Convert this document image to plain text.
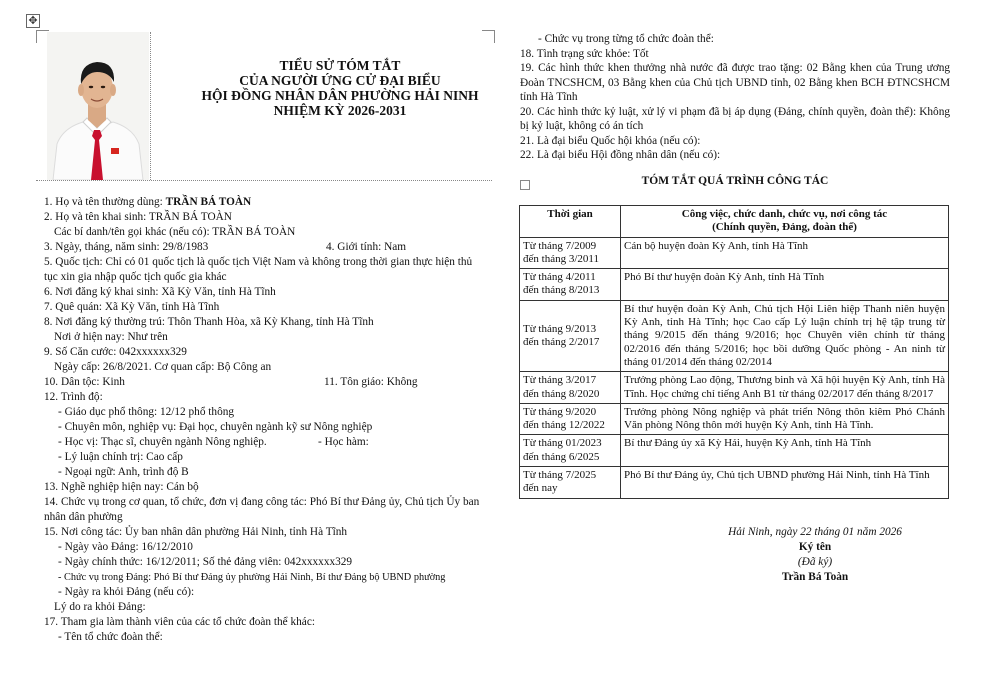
✥
TIỂU SỬ TÓM TẮT
CỦA NGƯỜI ỨNG CỬ ĐẠI BIỂU
HỘI ĐỒNG NHÂN DÂN PHƯỜNG HẢI NINH
NHIỆM KỲ 2026-2031
1. Họ và tên thường dùng: TRẦN BÁ TOÀN
2. Họ và tên khai sinh: TRẦN BÁ TOÀN
Các bí danh/tên gọi khác (nếu có): TRẦN BÁ TOÀN
3. Ngày, tháng, năm sinh: 29/8/1983	4. Giới tính: Nam
5. Quốc tịch: Chỉ có 01 quốc tịch là quốc tịch Việt Nam và không trong thời gian thực hiện thủ tục xin gia nhập quốc tịch quốc gia khác
6. Nơi đăng ký khai sinh: Xã Kỳ Văn, tỉnh Hà Tĩnh
7. Quê quán: Xã Kỳ Văn, tỉnh Hà Tĩnh
8. Nơi đăng ký thường trú: Thôn Thanh Hòa, xã Kỳ Khang, tỉnh Hà Tĩnh
Nơi ở hiện nay: Như trên
9. Số Căn cước: 042xxxxxx329
Ngày cấp: 26/8/2021. Cơ quan cấp: Bộ Công an
10. Dân tộc: Kinh	11. Tôn giáo: Không
12. Trình độ:
- Giáo dục phổ thông: 12/12 phổ thông
- Chuyên môn, nghiệp vụ: Đại học, chuyên ngành kỹ sư Nông nghiệp
- Học vị: Thạc sĩ, chuyên ngành Nông nghiệp.	- Học hàm:
- Lý luận chính trị: Cao cấp
- Ngoại ngữ: Anh, trình độ B
13. Nghề nghiệp hiện nay: Cán bộ
14. Chức vụ trong cơ quan, tổ chức, đơn vị đang công tác: Phó Bí thư Đảng ủy, Chủ tịch Ủy ban nhân dân phường
15. Nơi công tác: Ủy ban nhân dân phường Hải Ninh, tỉnh Hà Tĩnh
- Ngày vào Đảng: 16/12/2010
- Ngày chính thức: 16/12/2011; Số thẻ đảng viên: 042xxxxxx329
- Chức vụ trong Đảng: Phó Bí thư Đảng ủy phường Hải Ninh, Bí thư Đảng bộ UBND phường
- Ngày ra khỏi Đảng (nếu có):
Lý do ra khỏi Đảng:
17. Tham gia làm thành viên của các tổ chức đoàn thể khác:
- Tên tổ chức đoàn thể:
- Chức vụ trong từng tổ chức đoàn thể:
18. Tình trạng sức khỏe: Tốt
19. Các hình thức khen thưởng nhà nước đã được trao tặng: 02 Bằng khen của Trung ương Đoàn TNCSHCM, 03 Bằng khen của Chủ tịch UBND tỉnh, 02 Bằng khen BCH ĐTNCSHCM tỉnh Hà Tĩnh
20. Các hình thức kỷ luật, xử lý vi phạm đã bị áp dụng (Đảng, chính quyền, đoàn thể): Không bị kỷ luật, không có án tích
21. Là đại biểu Quốc hội khóa (nếu có):
22. Là đại biểu Hội đồng nhân dân (nếu có):
TÓM TẮT QUÁ TRÌNH CÔNG TÁC
Thời gian	Công việc, chức danh, chức vụ, nơi công tác
(Chính quyền, Đảng, đoàn thể)

Từ tháng 7/2009
đến tháng 3/2011	Cán bộ huyện đoàn Kỳ Anh, tỉnh Hà Tĩnh

Từ tháng 4/2011
đến tháng 8/2013	Phó Bí thư huyện đoàn Kỳ Anh, tỉnh Hà Tĩnh

Từ tháng 9/2013
đến tháng 2/2017	Bí thư huyện đoàn Kỳ Anh, Chủ tịch Hội Liên hiệp Thanh niên huyện Kỳ Anh, tỉnh Hà Tĩnh; học Cao cấp Lý luận chính trị hệ tập trung từ tháng 9/2015 đến tháng 9/2016; học Chuyên viên chính từ tháng 02/2016 đến tháng 5/2016; học bồi dưỡng Quốc phòng - An ninh từ tháng 01/2014 đến tháng 02/2014

Từ tháng 3/2017
đến tháng 8/2020	Trưởng phòng Lao động, Thương binh và Xã hội huyện Kỳ Anh, tỉnh Hà Tĩnh. Học chứng chỉ tiếng Anh B1 từ tháng 02/2017 đến tháng 8/2017

Từ tháng 9/2020
đến tháng 12/2022	Trưởng phòng Nông nghiệp và phát triển Nông thôn kiêm Phó Chánh Văn phòng Nông thôn mới huyện Kỳ Anh, tỉnh Hà Tĩnh.

Từ tháng 01/2023
đến tháng 6/2025	Bí thư Đảng ủy xã Kỳ Hải, huyện Kỳ Anh, tỉnh Hà Tĩnh

Từ tháng 7/2025
đến nay	Phó Bí thư Đảng ủy, Chủ tịch UBND phường Hải Ninh, tỉnh Hà Tĩnh
Hải Ninh, ngày 22 tháng 01 năm 2026
Ký tên
(Đã ký)
Trần Bá Toàn
